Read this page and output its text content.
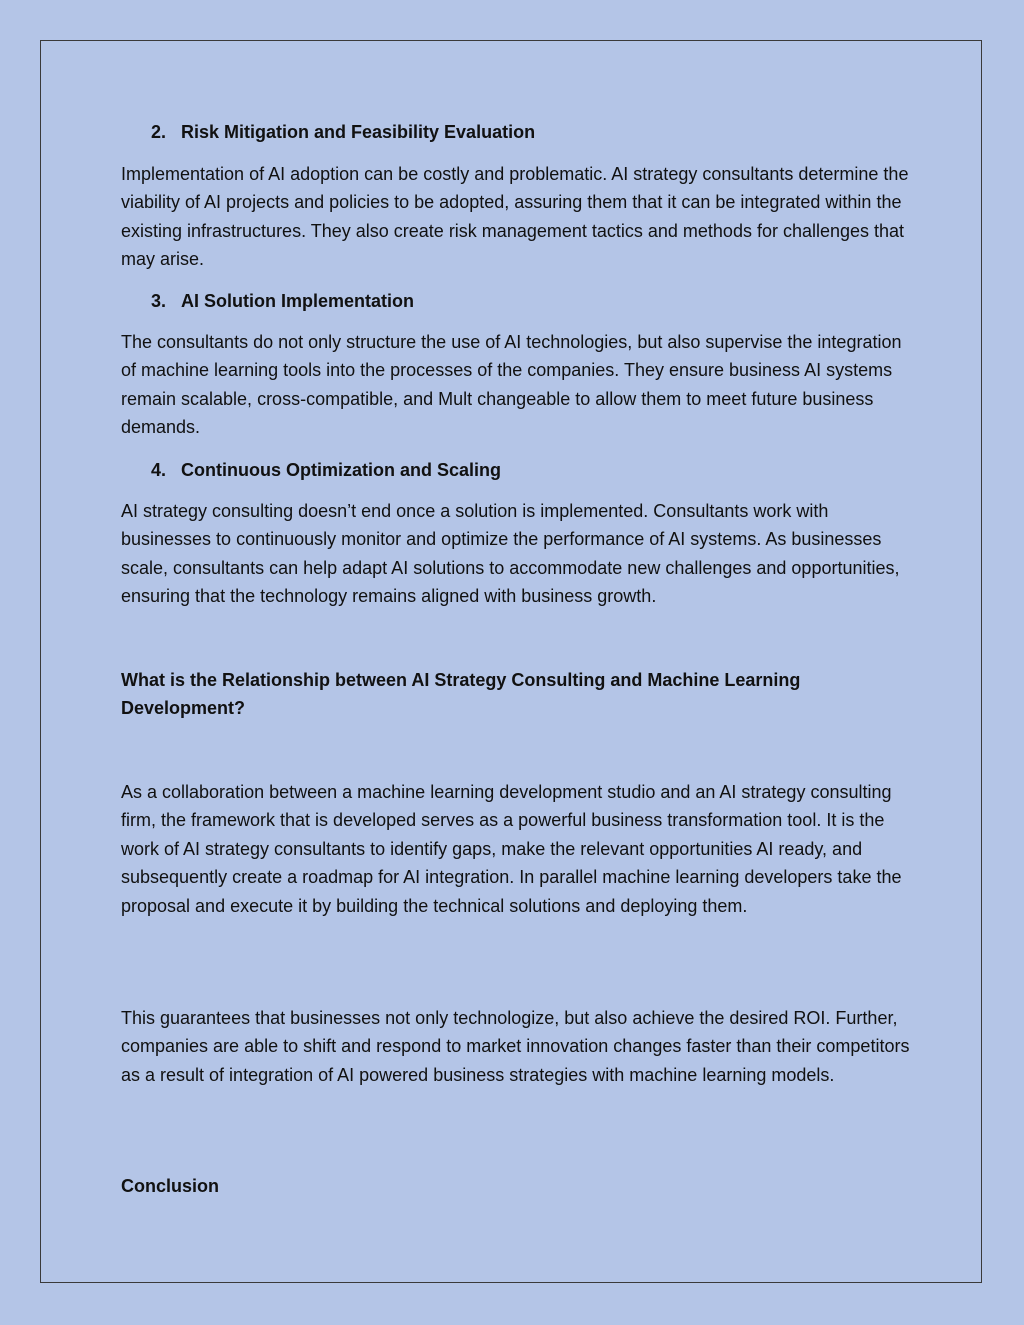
2. Risk Mitigation and Feasibility Evaluation

Implementation of AI adoption can be costly and problematic. AI strategy consultants determine the viability of AI projects and policies to be adopted, assuring them that it can be integrated within the existing infrastructures. They also create risk management tactics and methods for challenges that may arise.

3. AI Solution Implementation

The consultants do not only structure the use of AI technologies, but also supervise the integration of machine learning tools into the processes of the companies. They ensure business AI systems remain scalable, cross-compatible, and Mult changeable to allow them to meet future business demands.

4. Continuous Optimization and Scaling

AI strategy consulting doesn’t end once a solution is implemented. Consultants work with businesses to continuously monitor and optimize the performance of AI systems. As businesses scale, consultants can help adapt AI solutions to accommodate new challenges and opportunities, ensuring that the technology remains aligned with business growth.

What is the Relationship between AI Strategy Consulting and Machine Learning Development?

As a collaboration between a machine learning development studio and an AI strategy consulting firm, the framework that is developed serves as a powerful business transformation tool. It is the work of AI strategy consultants to identify gaps, make the relevant opportunities AI ready, and subsequently create a roadmap for AI integration. In parallel machine learning developers take the proposal and execute it by building the technical solutions and deploying them.

This guarantees that businesses not only technologize, but also achieve the desired ROI. Further, companies are able to shift and respond to market innovation changes faster than their competitors as a result of integration of AI powered business strategies with machine learning models.

Conclusion
